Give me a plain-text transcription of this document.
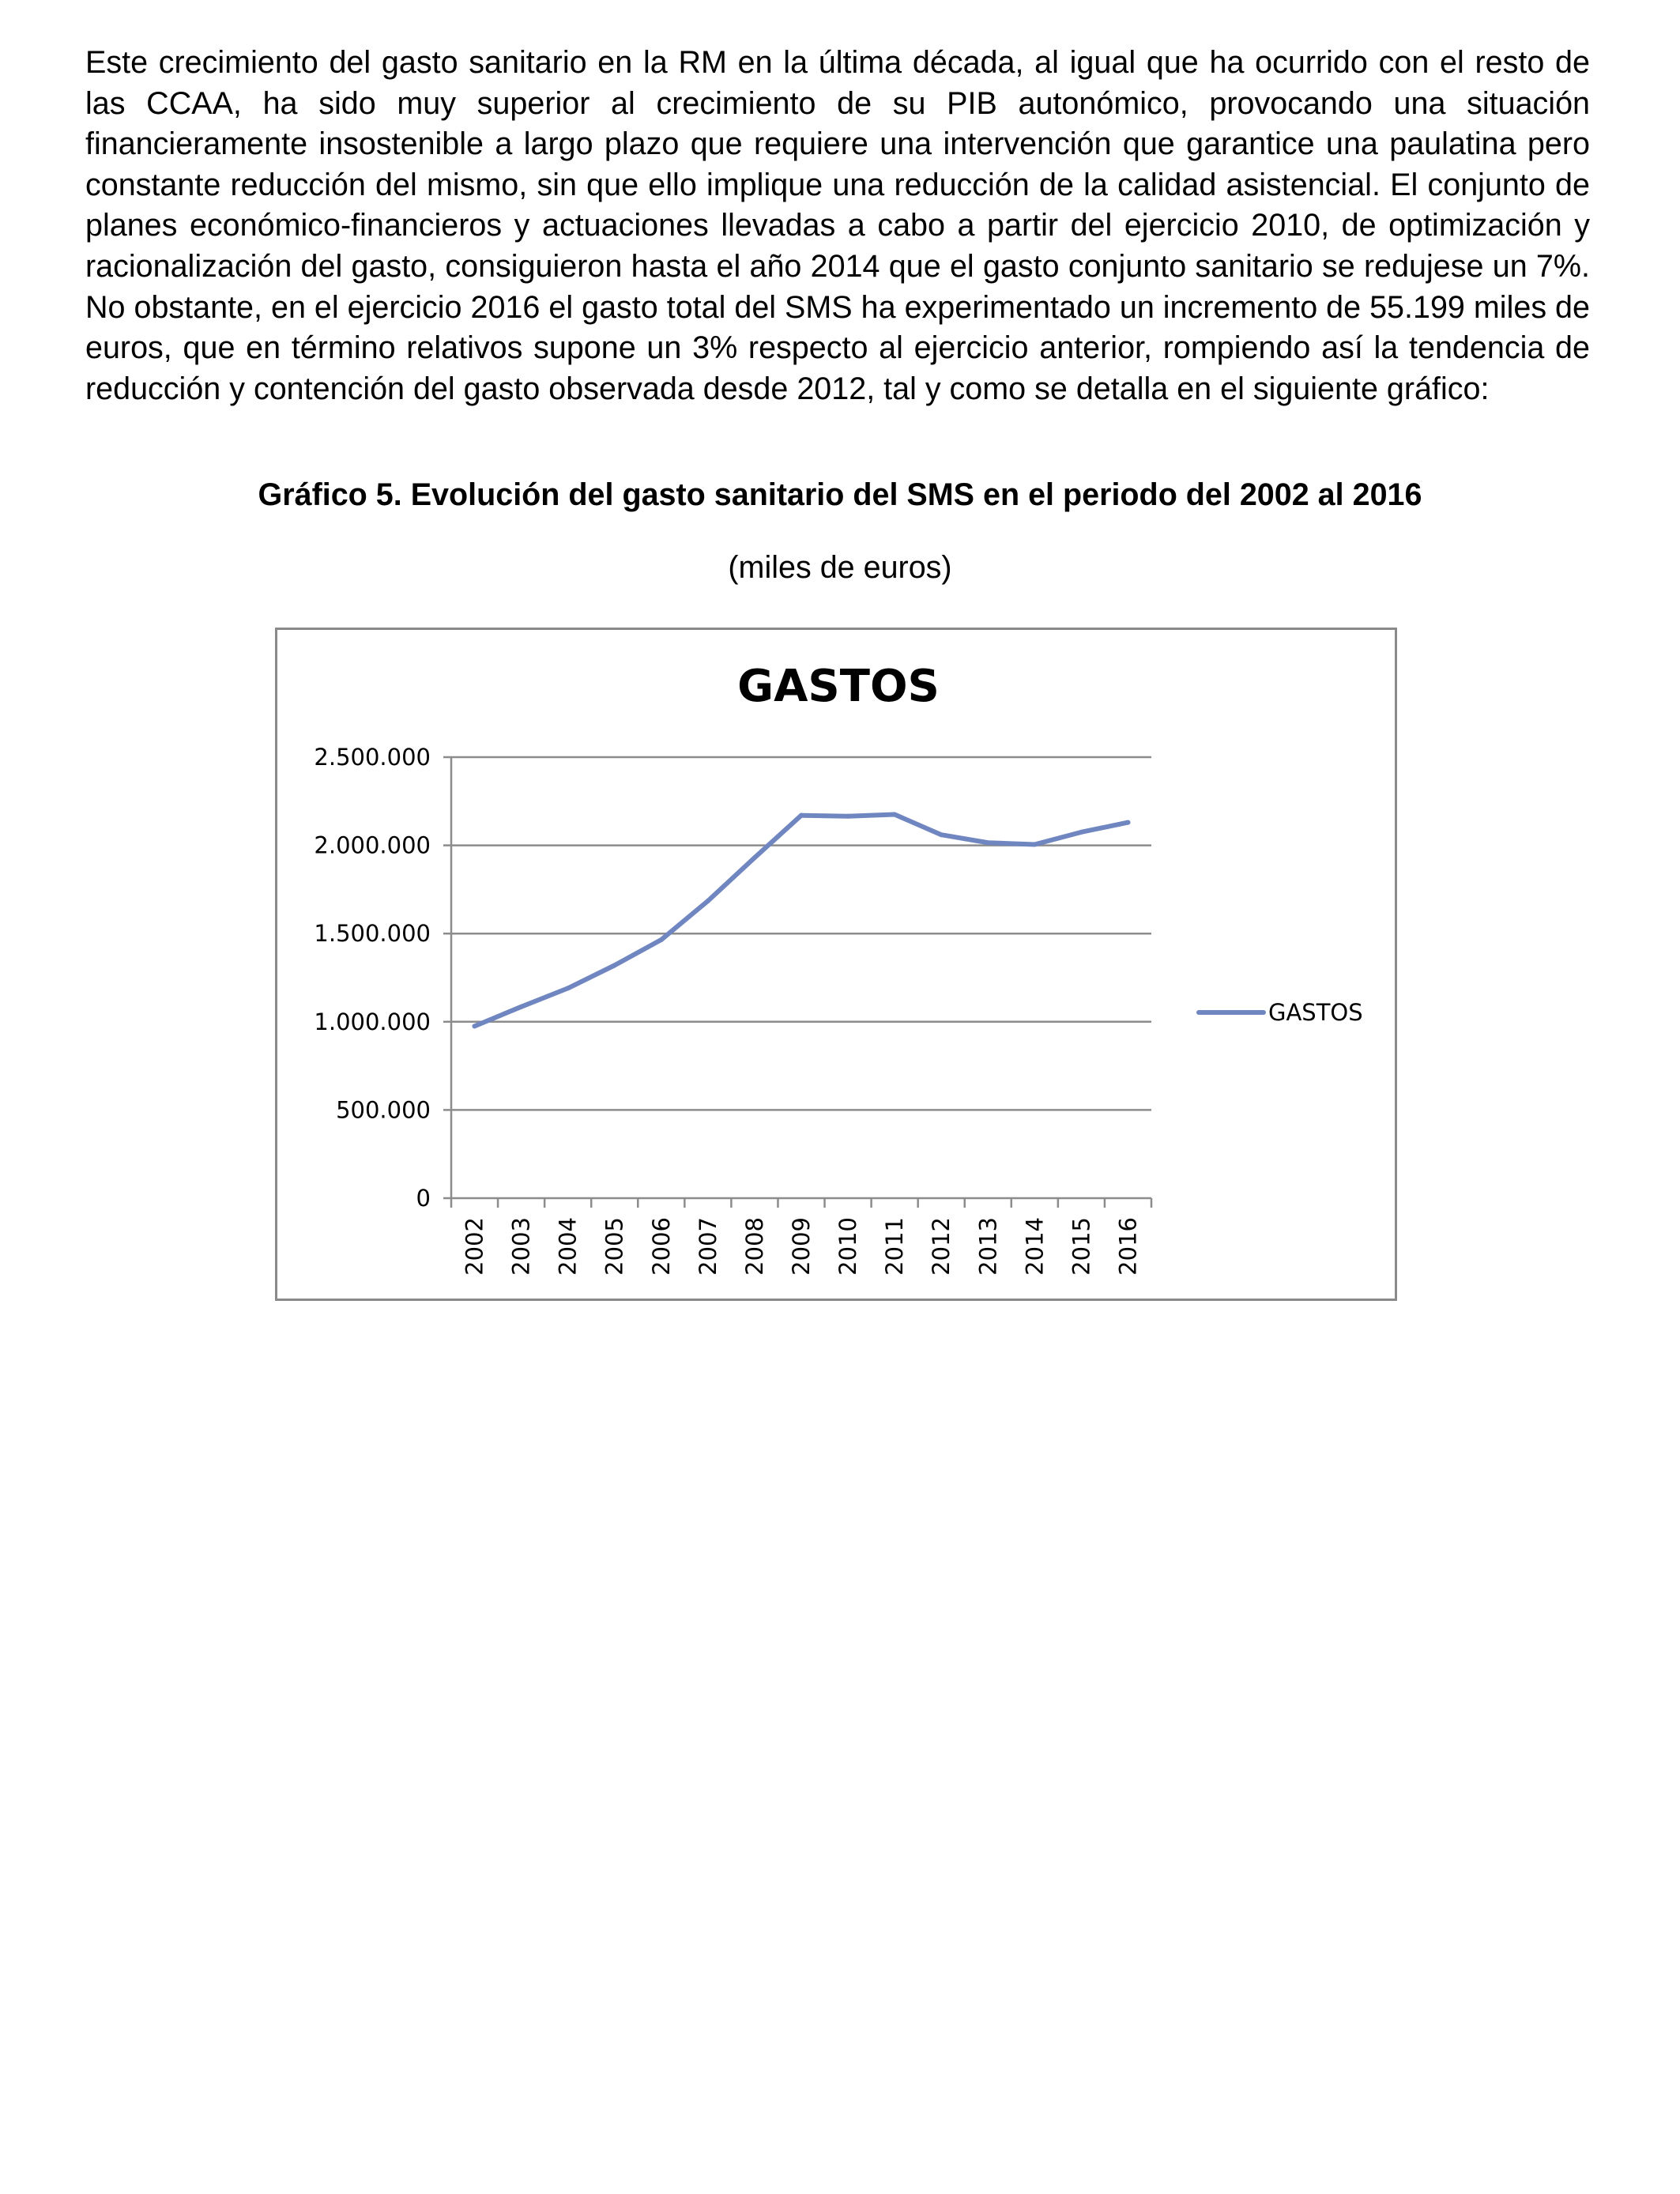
Este crecimiento del gasto sanitario en la RM en la última década, al igual que ha ocurrido con el resto de las CCAA, ha sido muy superior al crecimiento de su PIB autonómico, provocando una situación financieramente insostenible a largo plazo que requiere una intervención que garantice una paulatina pero constante reducción del mismo, sin que ello implique una reducción de la calidad asistencial. El conjunto de planes económico-financieros y actuaciones llevadas a cabo a partir del ejercicio 2010, de optimización y racionalización del gasto, consiguieron hasta el año 2014 que el gasto conjunto sanitario se redujese un 7%. No obstante, en el ejercicio 2016 el gasto total del SMS ha experimentado un incremento de 55.199 miles de euros, que en término relativos supone un 3% respecto al ejercicio anterior, rompiendo así la tendencia de reducción y contención del gasto observada desde 2012, tal y como se detalla en el siguiente gráfico:

Gráfico 5. Evolución del gasto sanitario del SMS en el periodo del 2002 al 2016

(miles de euros)

GASTOS
0
500.000
1.000.000
1.500.000
2.000.000
2.500.000
2002 2003 2004 2005 2006 2007 2008 2009 2010 2011 2012 2013 2014 2015 2016
GASTOS
